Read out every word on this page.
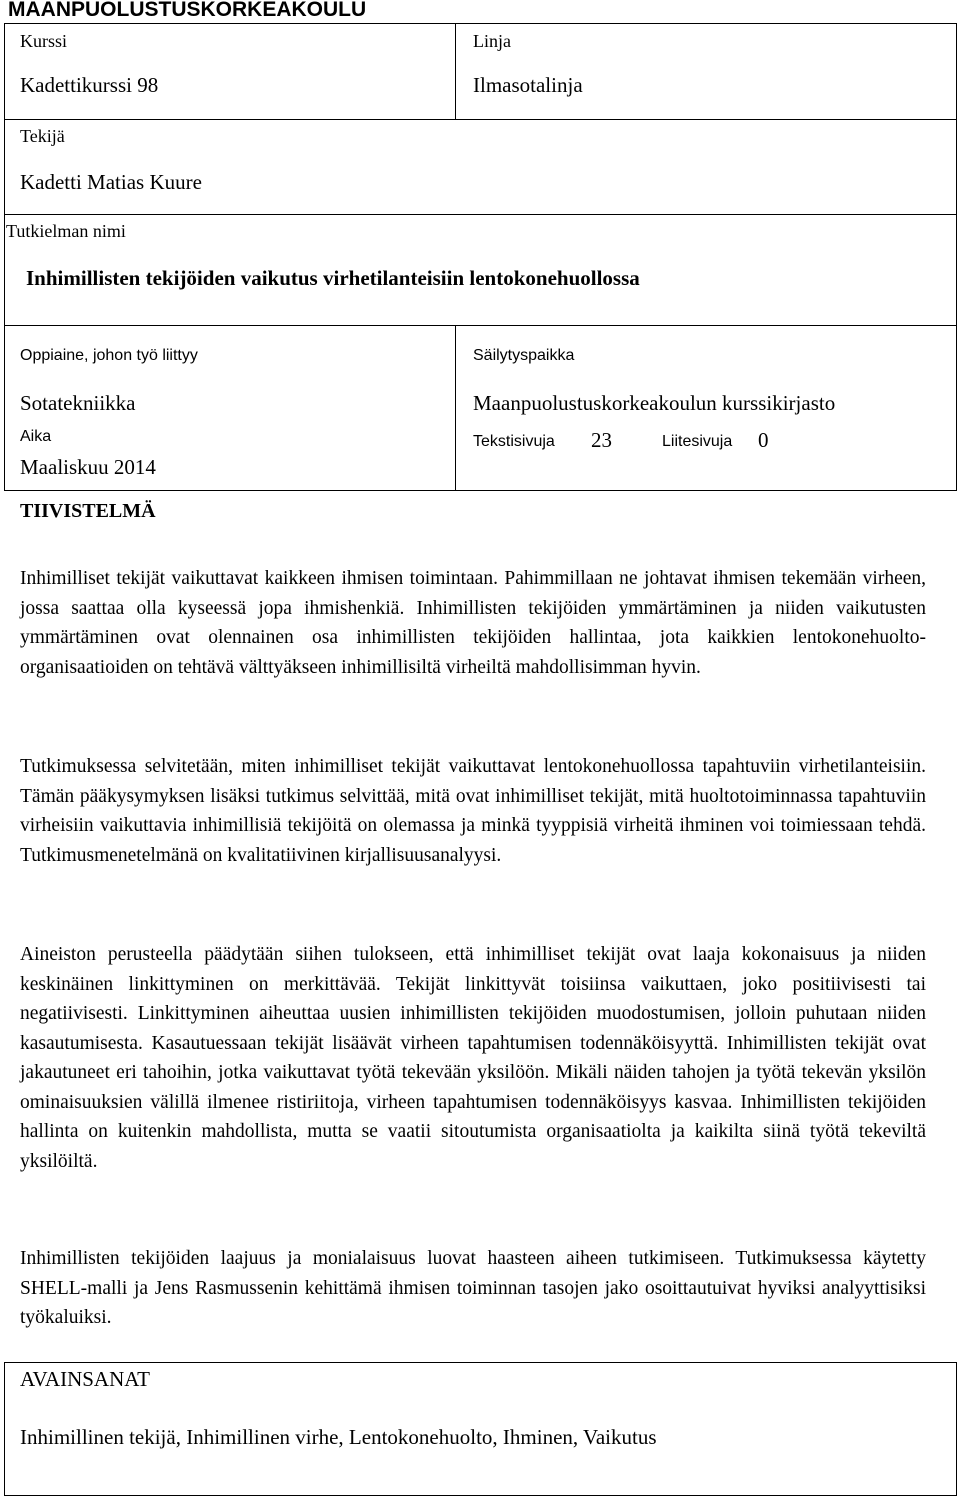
MAANPUOLUSTUSKORKEAKOULU
Kurssi
Kadettikurssi 98
Linja
Ilmasotalinja
Tekijä
Kadetti Matias Kuure
Tutkielman nimi
Inhimillisten tekijöiden vaikutus virhetilanteisiin lentokonehuollossa
Oppiaine, johon työ liittyy
Sotatekniikka
Säilytyspaikka
Maanpuolustuskorkeakoulun kurssikirjasto
Aika
Maaliskuu 2014
Tekstisivuja 23	Liitesivuja 0
TIIVISTELMÄ
Inhimilliset tekijät vaikuttavat kaikkeen ihmisen toimintaan. Pahimmillaan ne johtavat ihmisen tekemään virheen, jossa saattaa olla kyseessä jopa ihmishenkiä. Inhimillisten tekijöiden ymmärtäminen ja niiden vaikutusten ymmärtäminen ovat olennainen osa inhimillisten tekijöiden hallintaa, jota kaikkien lentokonehuolto-organisaatioiden on tehtävä välttyäkseen inhimillisiltä virheiltä mahdollisimman hyvin.
Tutkimuksessa selvitetään, miten inhimilliset tekijät vaikuttavat lentokonehuollossa tapahtuviin virhetilanteisiin. Tämän pääkysymyksen lisäksi tutkimus selvittää, mitä ovat inhimilliset tekijät, mitä huoltotoiminnassa tapahtuviin virheisiin vaikuttavia inhimillisiä tekijöitä on olemassa ja minkä tyyppisiä virheitä ihminen voi toimiessaan tehdä. Tutkimusmenetelmänä on kvalitatiivinen kirjallisuusanalyysi.
Aineiston perusteella päädytään siihen tulokseen, että inhimilliset tekijät ovat laaja kokonaisuus ja niiden keskinäinen linkittyminen on merkittävää. Tekijät linkittyvät toisiinsa vaikuttaen, joko positiivisesti tai negatiivisesti. Linkittyminen aiheuttaa uusien inhimillisten tekijöiden muodostumisen, jolloin puhutaan niiden kasautumisesta. Kasautuessaan tekijät lisäävät virheen tapahtumisen todennäköisyyttä. Inhimillisten tekijät ovat jakautuneet eri tahoihin, jotka vaikuttavat työtä tekevään yksilöön. Mikäli näiden tahojen ja työtä tekevän yksilön ominaisuuksien välillä ilmenee ristiriitoja, virheen tapahtumisen todennäköisyys kasvaa. Inhimillisten tekijöiden hallinta on kuitenkin mahdollista, mutta se vaatii sitoutumista organisaatiolta ja kaikilta siinä työtä tekeviltä yksilöiltä.
Inhimillisten tekijöiden laajuus ja monialaisuus luovat haasteen aiheen tutkimiseen. Tutkimuksessa käytetty SHELL-malli ja Jens Rasmussenin kehittämä ihmisen toiminnan tasojen jako osoittautuivat hyviksi analyyttisiksi työkaluiksi.
AVAINSANAT
Inhimillinen tekijä, Inhimillinen virhe, Lentokonehuolto, Ihminen, Vaikutus
